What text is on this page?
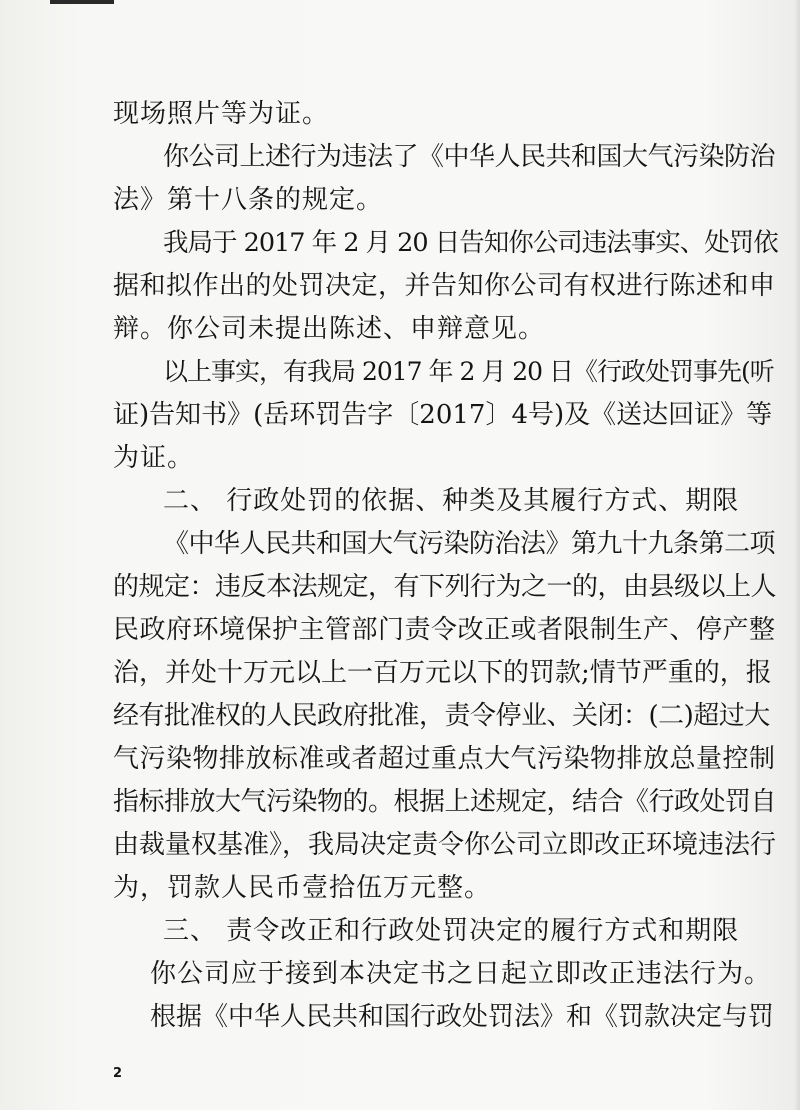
现场照片等为证。
你公司上述行为违法了《中华人民共和国大气污染防治
法》第十八条的规定。
我局于 2017 年 2 月 20 日告知你公司违法事实、处罚依
据和拟作出的处罚决定，并告知你公司有权进行陈述和申
辩。你公司未提出陈述、申辩意见。
以上事实，有我局 2017 年 2 月 20 日《行政处罚事先(听
证)告知书》(岳环罚告字〔2017〕4号)及《送达回证》等
为证。
二、 行政处罚的依据、种类及其履行方式、期限
《中华人民共和国大气污染防治法》第九十九条第二项
的规定：违反本法规定，有下列行为之一的，由县级以上人
民政府环境保护主管部门责令改正或者限制生产、停产整
治，并处十万元以上一百万元以下的罚款;情节严重的，报
经有批准权的人民政府批准，责令停业、关闭：(二)超过大
气污染物排放标准或者超过重点大气污染物排放总量控制
指标排放大气污染物的。根据上述规定，结合《行政处罚自
由裁量权基准》，我局决定责令你公司立即改正环境违法行
为，罚款人民币壹拾伍万元整。
三、 责令改正和行政处罚决定的履行方式和期限
你公司应于接到本决定书之日起立即改正违法行为。
根据《中华人民共和国行政处罚法》和《罚款决定与罚
2
